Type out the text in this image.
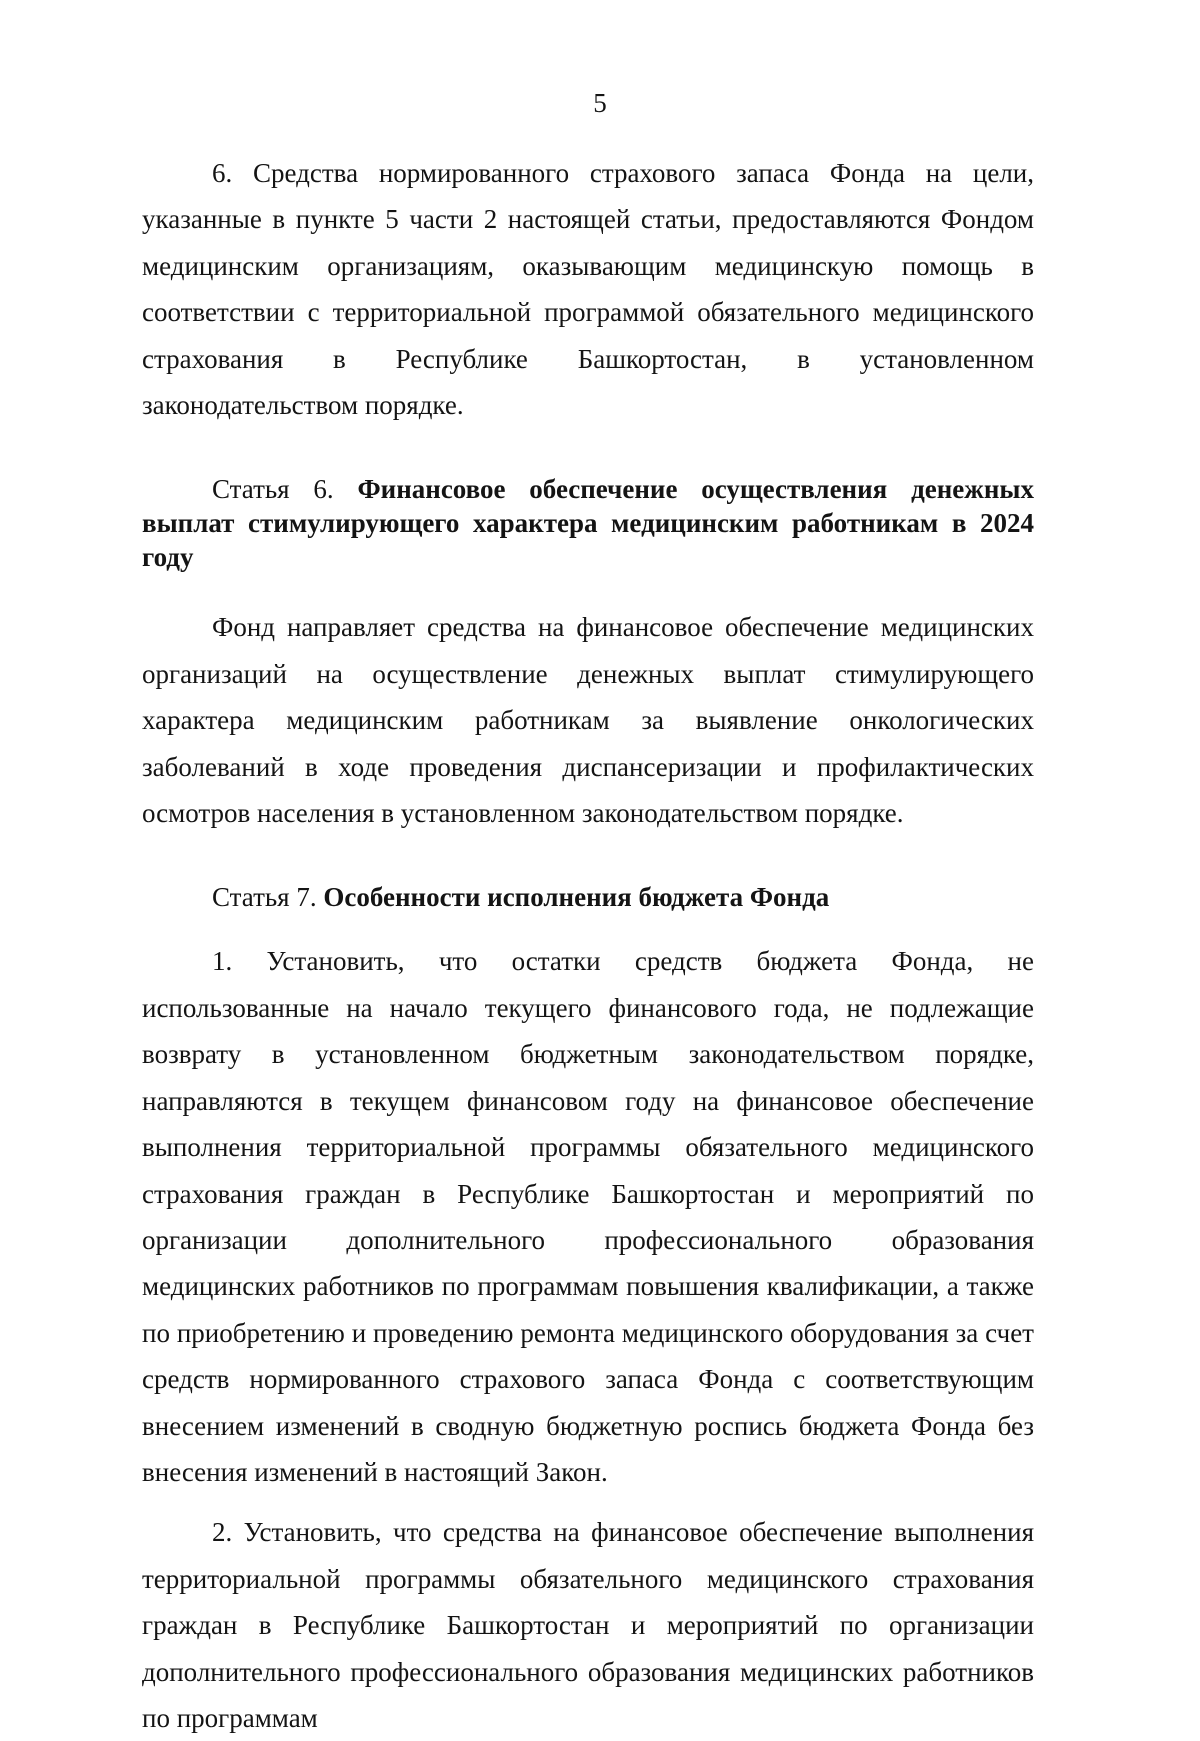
5

6. Средства нормированного страхового запаса Фонда на цели, указанные в пункте 5 части 2 настоящей статьи, предоставляются Фондом медицинским организациям, оказывающим медицинскую помощь в соответствии с территориальной программой обязательного медицинского страхования в Республике Башкортостан, в установленном законодательством порядке.

Статья 6. Финансовое обеспечение осуществления денежных выплат стимулирующего характера медицинским работникам в 2024 году

Фонд направляет средства на финансовое обеспечение медицинских организаций на осуществление денежных выплат стимулирующего характера медицинским работникам за выявление онкологических заболеваний в ходе проведения диспансеризации и профилактических осмотров населения в установленном законодательством порядке.

Статья 7. Особенности исполнения бюджета Фонда

1. Установить, что остатки средств бюджета Фонда, не использованные на начало текущего финансового года, не подлежащие возврату в установленном бюджетным законодательством порядке, направляются в текущем финансовом году на финансовое обеспечение выполнения территориальной программы обязательного медицинского страхования граждан в Республике Башкортостан и мероприятий по организации дополнительного профессионального образования медицинских работников по программам повышения квалификации, а также по приобретению и проведению ремонта медицинского оборудования за счет средств нормированного страхового запаса Фонда с соответствующим внесением изменений в сводную бюджетную роспись бюджета Фонда без внесения изменений в настоящий Закон.

2. Установить, что средства на финансовое обеспечение выполнения территориальной программы обязательного медицинского страхования граждан в Республике Башкортостан и мероприятий по организации дополнительного профессионального образования медицинских работников по программам
